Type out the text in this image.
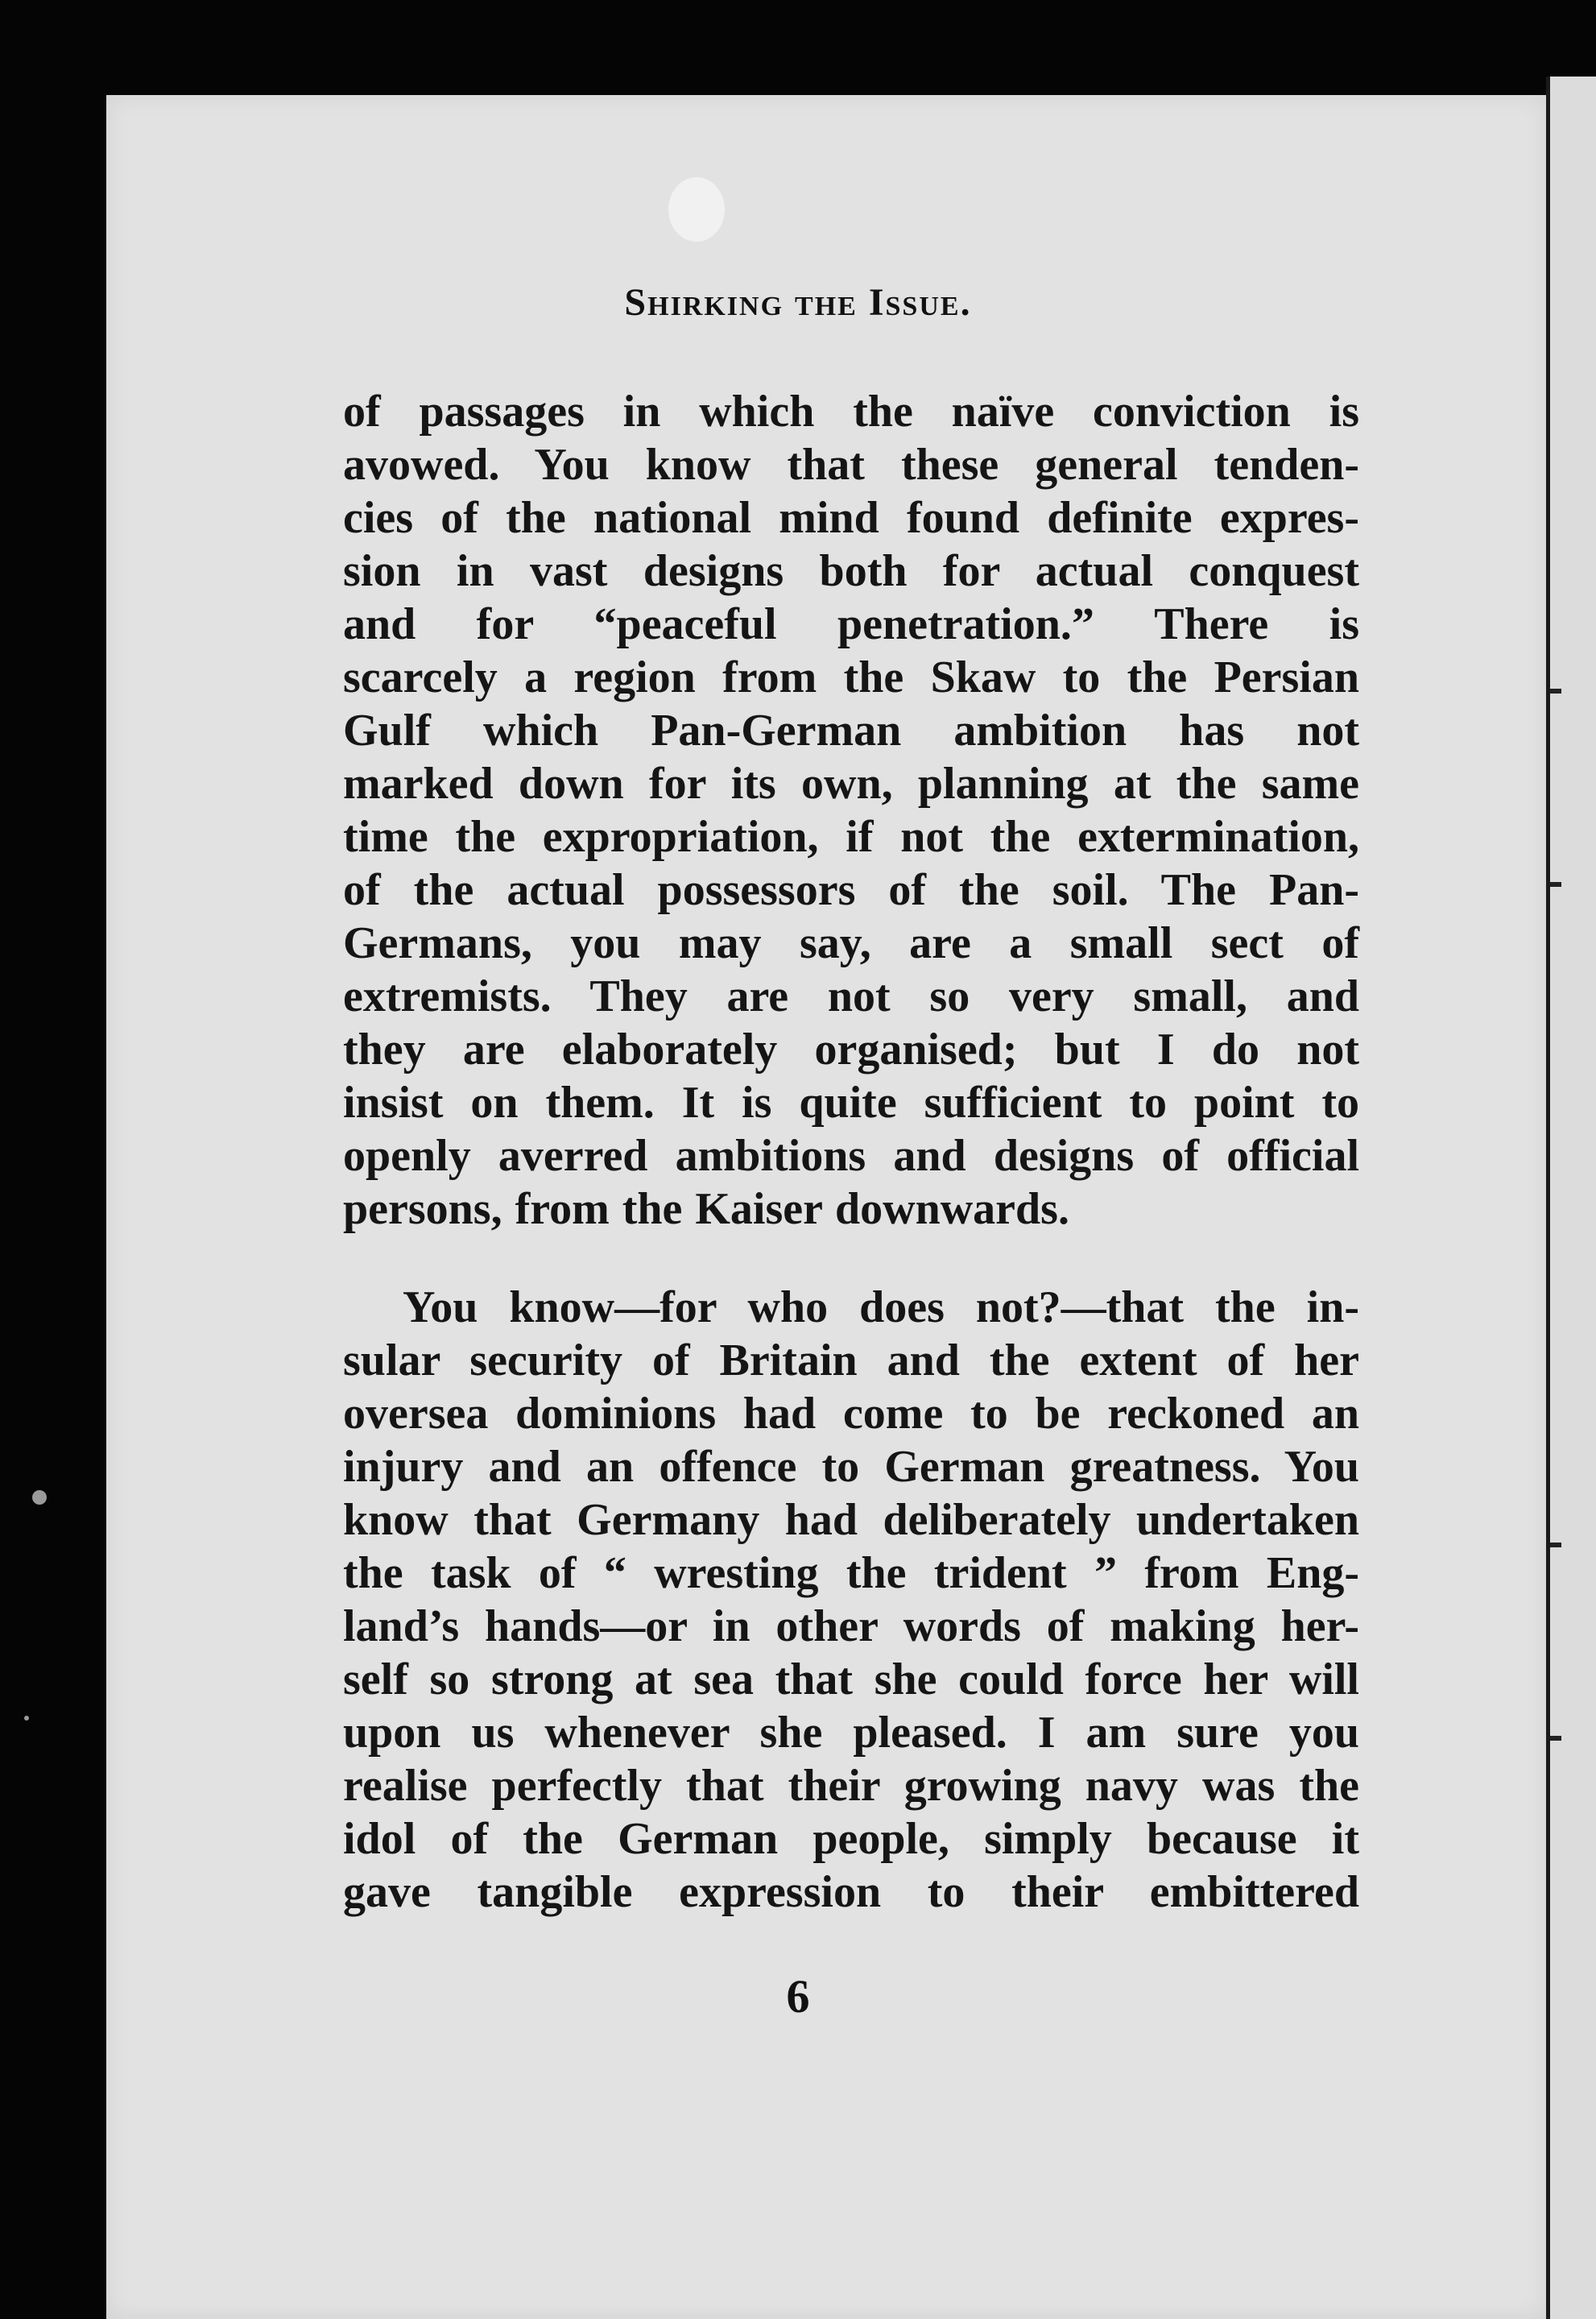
Shirking the Issue.
of passages in which the naïve conviction is
avowed. You know that these general tenden-
cies of the national mind found definite expres-
sion in vast designs both for actual conquest
and for “peaceful penetration.” There is
scarcely a region from the Skaw to the Persian
Gulf which Pan-German ambition has not
marked down for its own, planning at the same
time the expropriation, if not the extermination,
of the actual possessors of the soil. The Pan-
Germans, you may say, are a small sect of
extremists. They are not so very small, and
they are elaborately organised; but I do not
insist on them. It is quite sufficient to point to
openly averred ambitions and designs of official
persons, from the Kaiser downwards.
You know—for who does not?—that the in-
sular security of Britain and the extent of her
oversea dominions had come to be reckoned an
injury and an offence to German greatness. You
know that Germany had deliberately undertaken
the task of “ wresting the trident ” from Eng-
land’s hands—or in other words of making her-
self so strong at sea that she could force her will
upon us whenever she pleased. I am sure you
realise perfectly that their growing navy was the
idol of the German people, simply because it
gave tangible expression to their embittered
6
